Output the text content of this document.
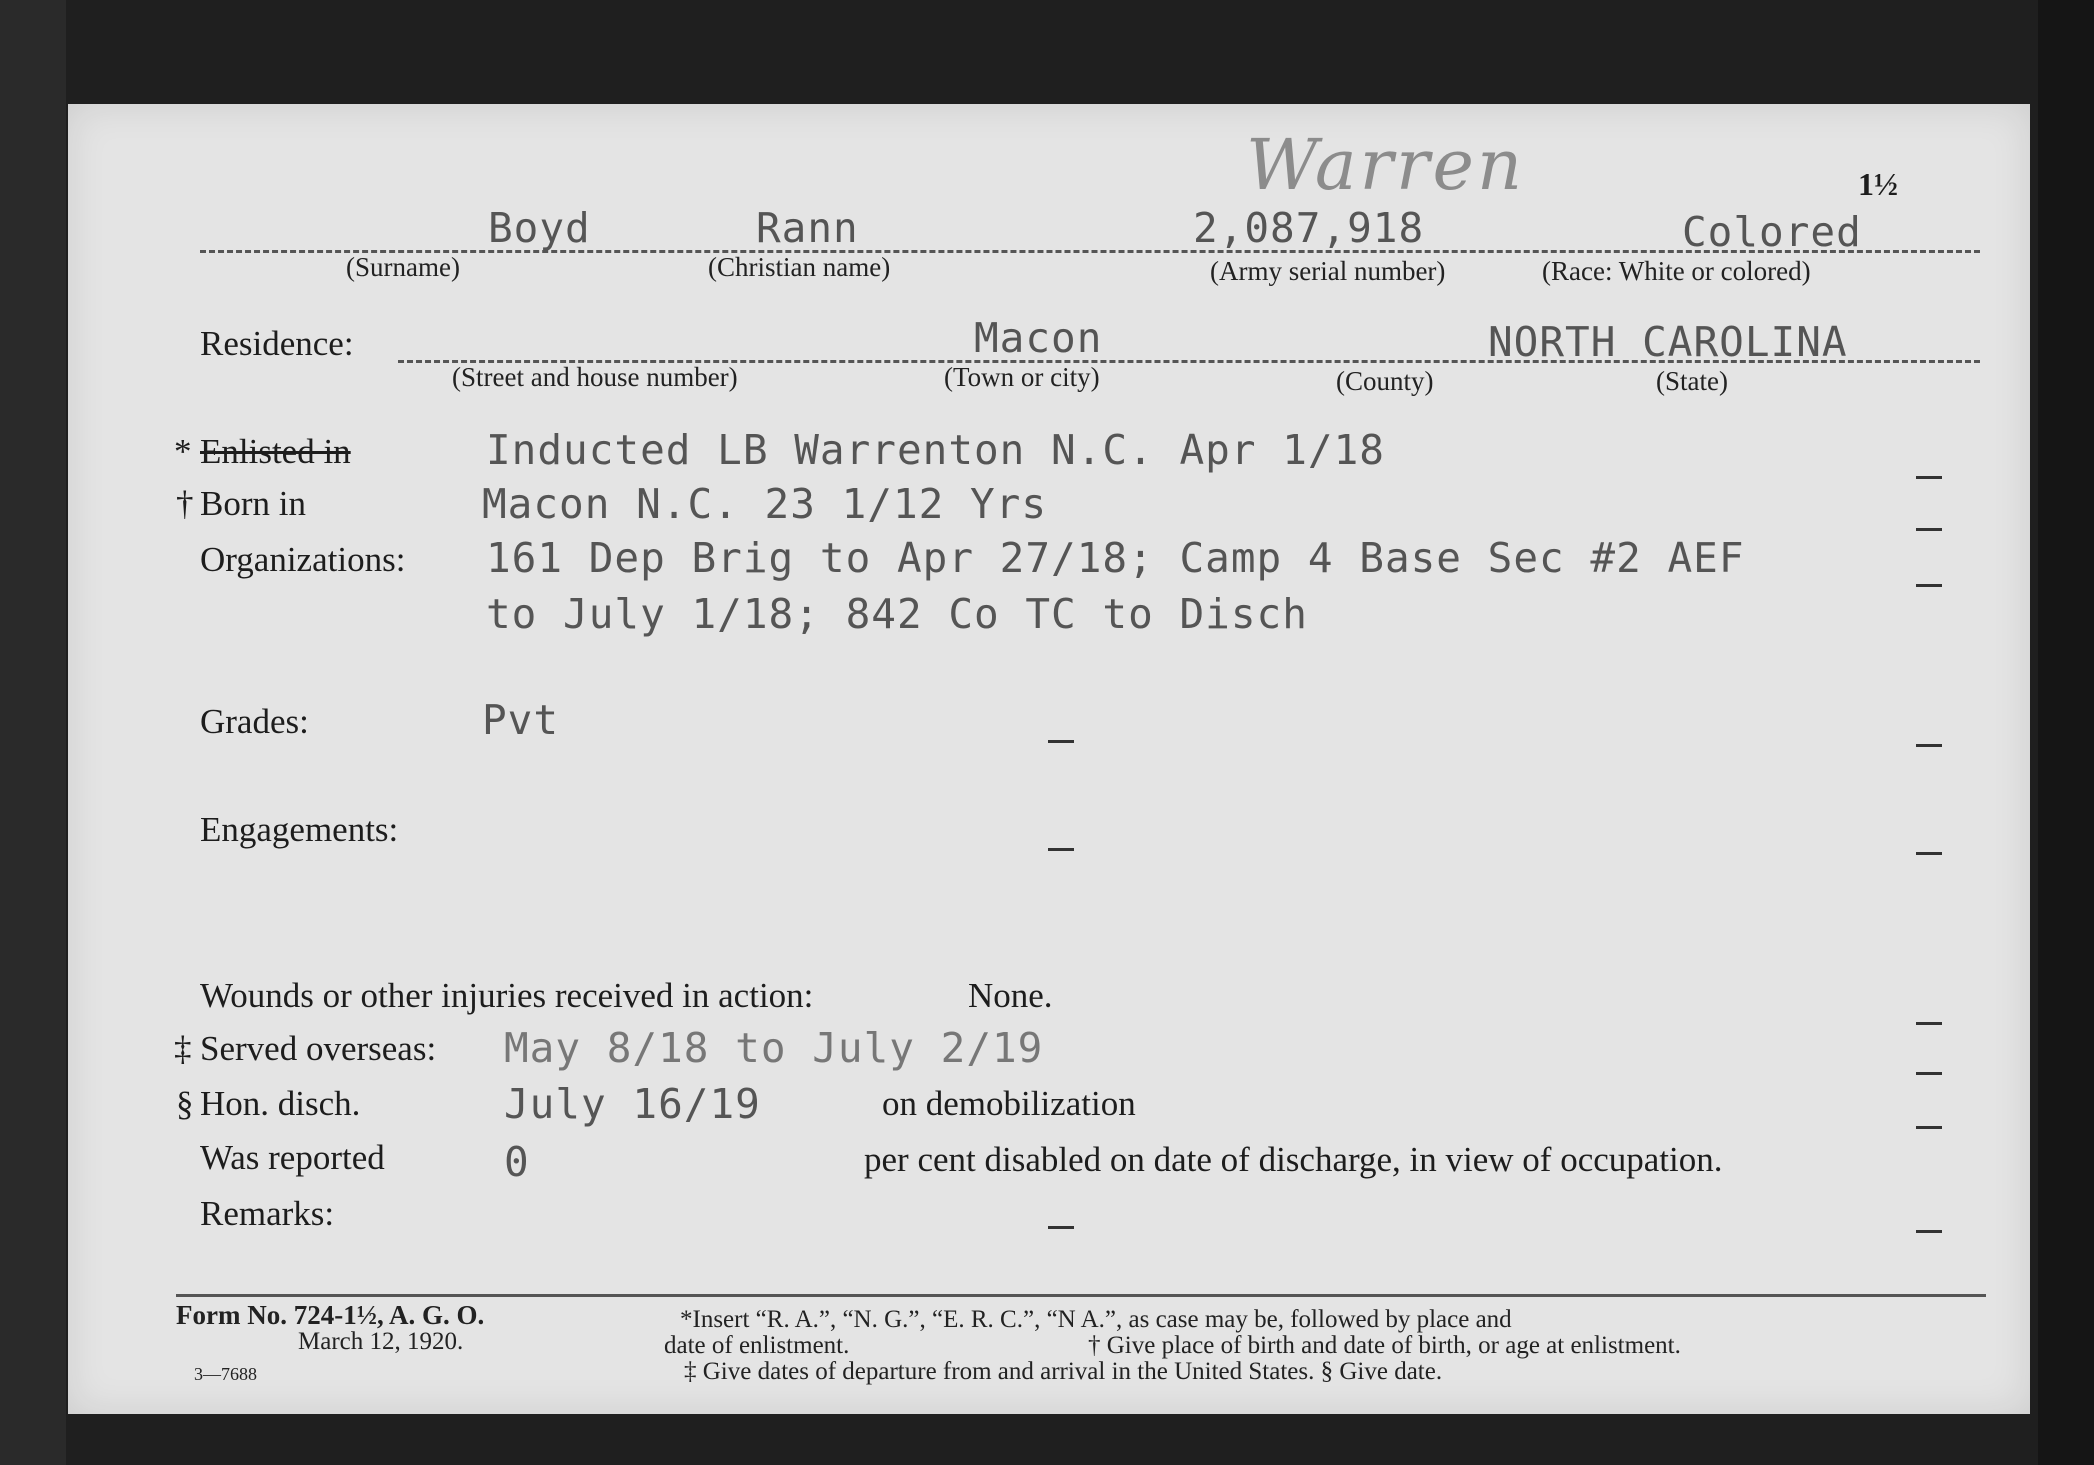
Warren	1½
Boyd	Rann	2,087,918	Colored
(Surname)	(Christian name)	(Army serial number)	(Race: White or colored)
Residence:	Macon	NORTH CAROLINA
(Street and house number)	(Town or city)	(County)	(State)
* Enlisted in	Inducted LB Warrenton N.C. Apr 1/18
† Born in	Macon N.C. 23 1/12 Yrs
Organizations: 161 Dep Brig to Apr 27/18; Camp 4 Base Sec #2 AEF
to July 1/18; 842 Co TC to Disch
Grades:	Pvt
Engagements:
Wounds or other injuries received in action:	None.
‡ Served overseas: May 8/18 to July 2/19
§ Hon. disch.	July 16/19	on demobilization
Was reported	0	per cent disabled on date of discharge, in view of occupation.
Remarks:
Form No. 724-1½, A. G. O.
March 12, 1920.
3—7688
*Insert “R. A.”, “N. G.”, “E. R. C.”, “N A.”, as case may be, followed by place and
date of enlistment.	† Give place of birth and date of birth, or age at enlistment.
‡ Give dates of departure from and arrival in the United States. § Give date.
